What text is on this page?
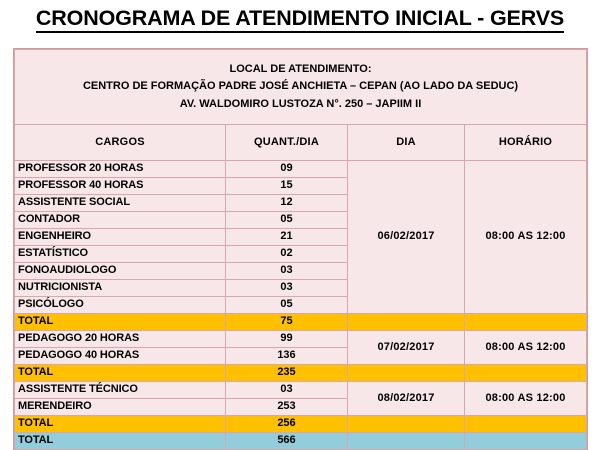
CRONOGRAMA DE ATENDIMENTO INICIAL - GERVS
LOCAL DE ATENDIMENTO:
CENTRO DE FORMAÇÃO PADRE JOSÉ ANCHIETA – CEPAN (AO LADO DA SEDUC)
AV. WALDOMIRO LUSTOZA N°. 250 – JAPIIM II			

CARGOS	QUANT./DIA	DIA	HORÁRIO
PROFESSOR 20 HORAS	09	06/02/2017	08:00 AS 12:00
PROFESSOR 40 HORAS	15		
ASSISTENTE SOCIAL	12		
CONTADOR	05		
ENGENHEIRO	21		
ESTATÍSTICO	02		
FONOAUDIOLOGO	03		
NUTRICIONISTA	03		
PSICÓLOGO	05		
TOTAL	75		
PEDAGOGO 20 HORAS	99	07/02/2017	08:00 AS 12:00
PEDAGOGO 40 HORAS	136		
TOTAL	235		
ASSISTENTE TÉCNICO	03	08/02/2017	08:00 AS 12:00
MERENDEIRO	253		
TOTAL	256		
TOTAL	566		
